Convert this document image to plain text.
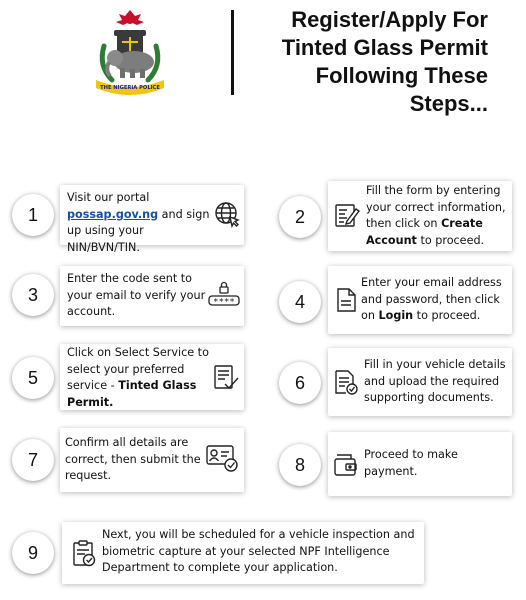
THE NIGERIA POLICE
Register/Apply For
Tinted Glass Permit
Following These
Steps...
1
Visit our portal possap.gov.ng and sign up using your NIN/BVN/TIN.
2
Fill the form by entering your correct information, then click on Create Account to proceed.
3
Enter the code sent to your email to verify your account.
****	4
Enter your email address and password, then click on Login to proceed.
5
Click on Select Service to select your preferred service - Tinted Glass Permit.
6
Fill in your vehicle details and upload the required supporting documents.
7
Confirm all details are correct, then submit the request.
8	Proceed to make payment.
9
Next, you will be scheduled for a vehicle inspection and biometric capture at your selected NPF Intelligence Department to complete your application.
